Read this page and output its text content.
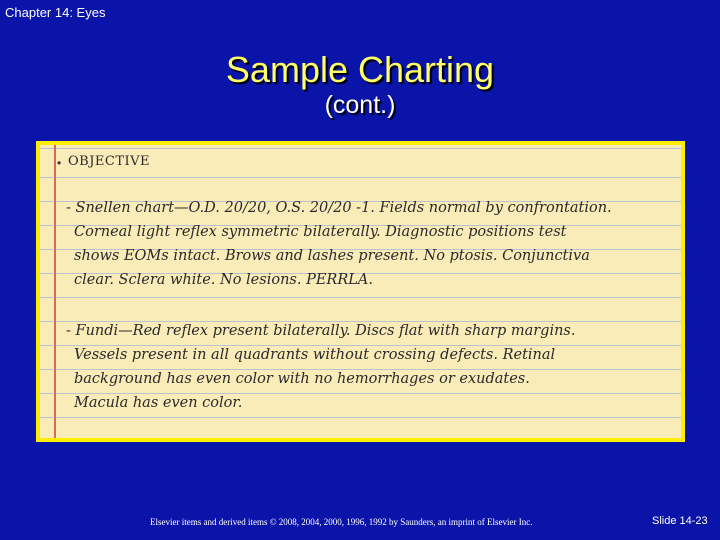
Chapter 14: Eyes
Sample Charting
(cont.)
• OBJECTIVE
- Snellen chart—O.D. 20/20, O.S. 20/20 -1. Fields normal by confrontation.
Corneal light reflex symmetric bilaterally. Diagnostic positions test
shows EOMs intact. Brows and lashes present. No ptosis. Conjunctiva
clear. Sclera white. No lesions. PERRLA.
- Fundi—Red reflex present bilaterally. Discs flat with sharp margins.
Vessels present in all quadrants without crossing defects. Retinal
background has even color with no hemorrhages or exudates.
Macula has even color.
Elsevier items and derived items © 2008, 2004, 2000, 1996, 1992 by Saunders, an imprint of Elsevier Inc.	Slide 14-23
